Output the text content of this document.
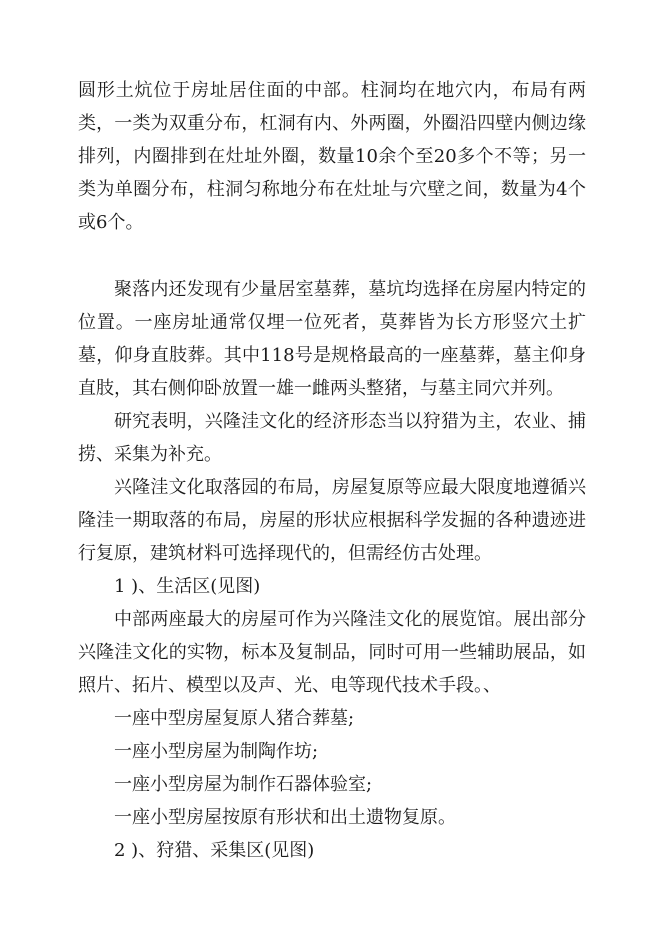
圆形土炕位于房址居住面的中部。柱洞均在地穴内，布局有两类，一类为双重分布，杠洞有内、外两圈，外圈沿四壁内侧边缘排列，内圈排到在灶址外圈，数量10余个至20多个不等；另一类为单圈分布，柱洞匀称地分布在灶址与穴壁之间，数量为4个或6个。

聚落内还发现有少量居室墓葬，墓坑均选择在房屋内特定的位置。一座房址通常仅埋一位死者，莫葬皆为长方形竖穴土扩墓，仰身直肢葬。其中118号是规格最高的一座墓葬，墓主仰身直肢，其右侧仰卧放置一雄一雌两头整猪，与墓主同穴并列。

研究表明，兴隆洼文化的经济形态当以狩猎为主，农业、捕捞、采集为补充。

兴隆洼文化取落园的布局，房屋复原等应最大限度地遵循兴隆洼一期取落的布局，房屋的形状应根据科学发掘的各种遗迹进行复原，建筑材料可选择现代的，但需经仿古处理。

1 )、生活区(见图)

中部两座最大的房屋可作为兴隆洼文化的展览馆。展出部分兴隆洼文化的实物，标本及复制品，同时可用一些辅助展品，如照片、拓片、模型以及声、光、电等现代技术手段。、

一座中型房屋复原人猪合葬墓;

一座小型房屋为制陶作坊;

一座小型房屋为制作石器体验室;

一座小型房屋按原有形状和出土遗物复原。

2 )、狩猎、采集区(见图)
